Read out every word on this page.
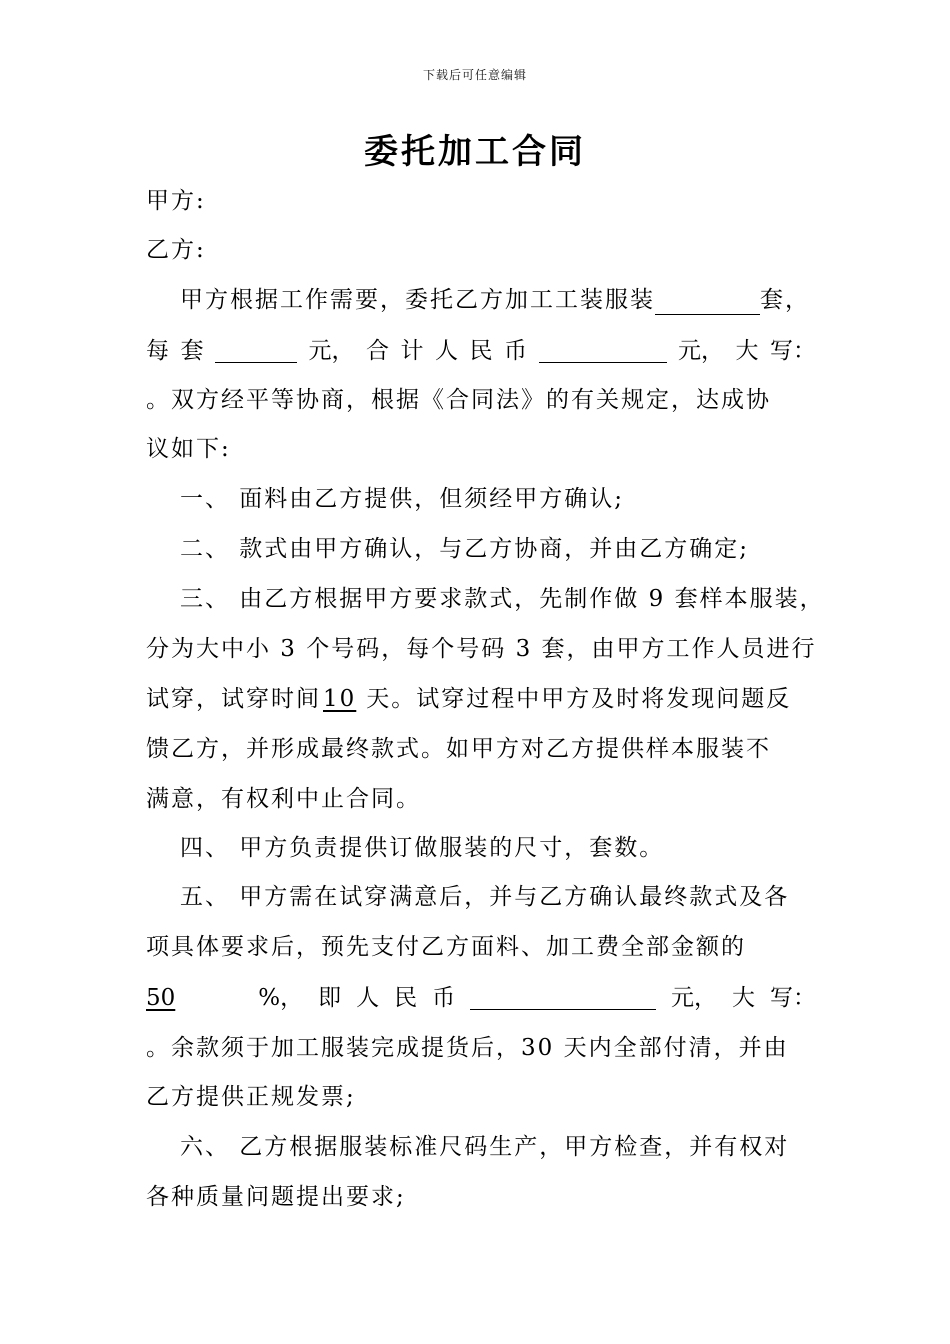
下载后可任意编辑
委托加工合同
甲方:
乙方:
甲方根据工作需要，委托乙方加工工装服装	套，
每 套	元， 合 计 人 民 币	元， 大 写：
。双方经平等协商，根据《合同法》的有关规定，达成协
议如下:
一、 面料由乙方提供，但须经甲方确认;
二、 款式由甲方确认，与乙方协商，并由乙方确定;
三、 由乙方根据甲方要求款式，先制作做 9 套样本服装，
分为大中小 3 个号码，每个号码 3 套，由甲方工作人员进行
试穿，试穿时间10 天。试穿过程中甲方及时将发现问题反
馈乙方，并形成最终款式。如甲方对乙方提供样本服装不
满意，有权利中止合同。
四、 甲方负责提供订做服装的尺寸，套数。
五、 甲方需在试穿满意后，并与乙方确认最终款式及各
项具体要求后，预先支付乙方面料、加工费全部金额的
50	%， 即 人 民 币	元， 大 写：
。余款须于加工服装完成提货后，30 天内全部付清，并由
乙方提供正规发票;
六、 乙方根据服装标准尺码生产，甲方检查，并有权对
各种质量问题提出要求;
